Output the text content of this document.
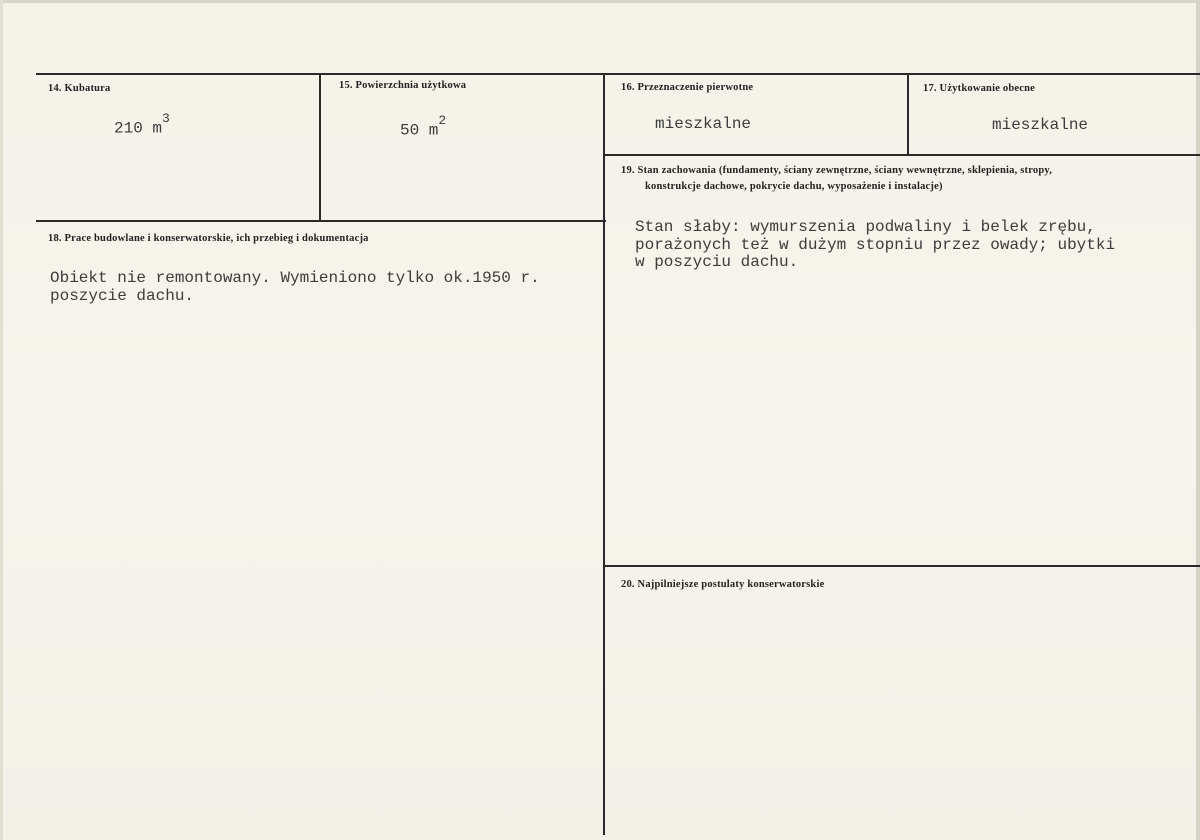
14. Kubatura
210 $m^3$
15. Powierzchnia użytkowa
50 $m^2$
16. Przeznaczenie pierwotne
mieszkalne
17. Użytkowanie obecne
mieszkalne
18. Prace budowlane i konserwatorskie, ich przebieg i dokumentacja
Obiekt nie remontowany. Wymieniono tylko ok.1950 r.
poszycie dachu.
19. Stan zachowania (fundamenty, ściany zewnętrzne, ściany wewnętrzne, sklepienia, stropy,
konstrukcje dachowe, pokrycie dachu, wyposażenie i instalacje)
Stan słaby: wymurszenia podwaliny i belek zrębu,
porażonych też w dużym stopniu przez owady; ubytki
w poszyciu dachu.
20. Najpilniejsze postulaty konserwatorskie
